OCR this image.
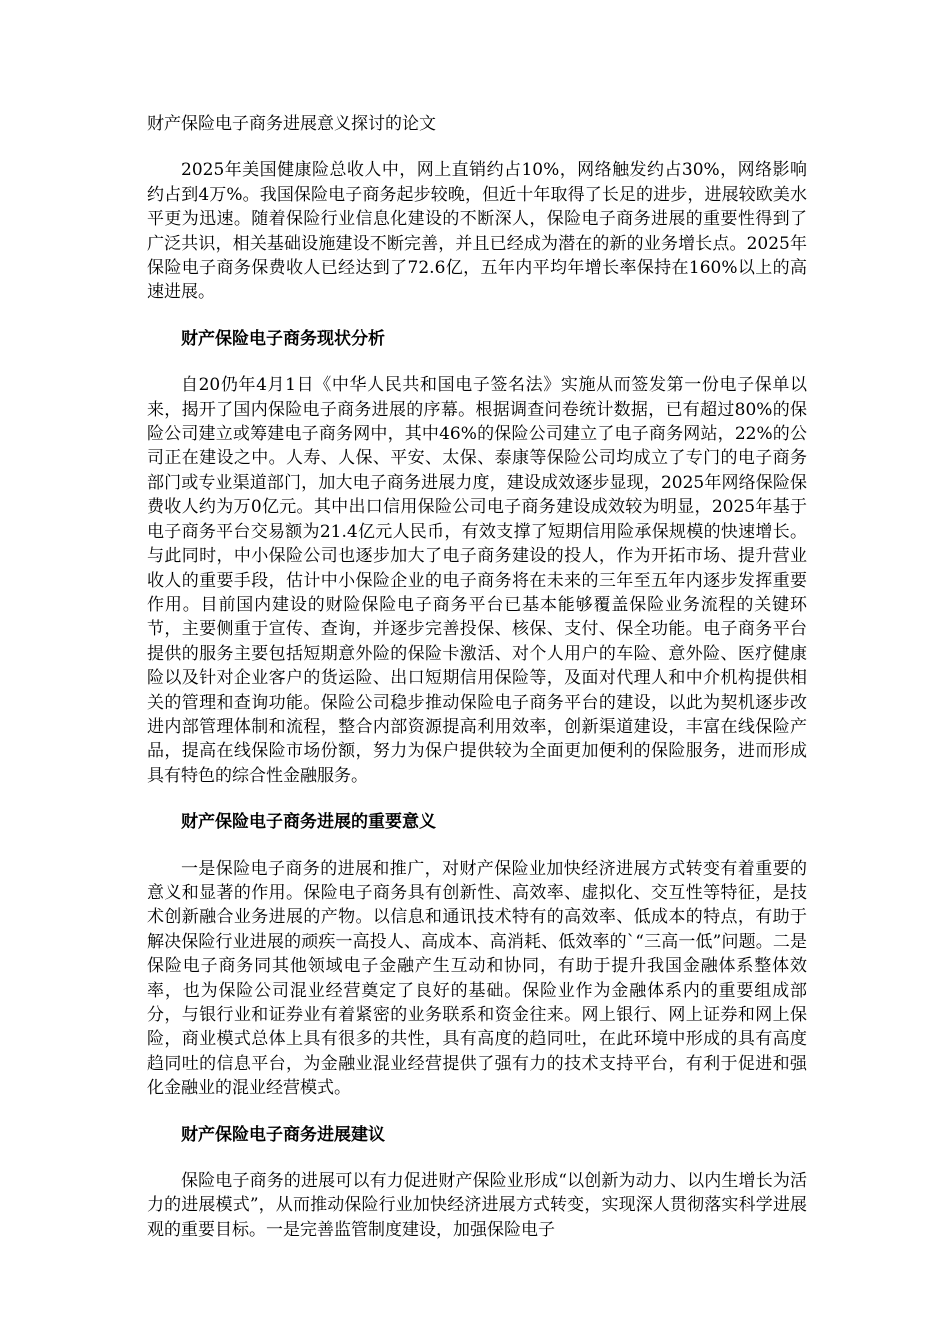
财产保险电子商务进展意义探讨的论文

2025年美国健康险总收人中，网上直销约占10%，网络触发约占30%，网络影响约占到4万%。我国保险电子商务起步较晚，但近十年取得了长足的进步，进展较欧美水平更为迅速。随着保险行业信息化建设的不断深人，保险电子商务进展的重要性得到了广泛共识，相关基础设施建设不断完善，并且已经成为潜在的新的业务增长点。2025年保险电子商务保费收人已经达到了72.6亿，五年内平均年增长率保持在160%以上的高速进展。

财产保险电子商务现状分析

自20仍年4月1日《中华人民共和国电子签名法》实施从而签发第一份电子保单以来，揭开了国内保险电子商务进展的序幕。根据调查问卷统计数据，已有超过80%的保险公司建立或筹建电子商务网中，其中46%的保险公司建立了电子商务网站，22%的公司正在建设之中。人寿、人保、平安、太保、泰康等保险公司均成立了专门的电子商务部门或专业渠道部门，加大电子商务进展力度，建设成效逐步显现，2025年网络保险保费收人约为万0亿元。其中出口信用保险公司电子商务建设成效较为明显，2025年基于电子商务平台交易额为21.4亿元人民币，有效支撑了短期信用险承保规模的快速增长。与此同时，中小保险公司也逐步加大了电子商务建设的投人，作为开拓市场、提升营业收人的重要手段，估计中小保险企业的电子商务将在未来的三年至五年内逐步发挥重要作用。目前国内建设的财险保险电子商务平台已基本能够覆盖保险业务流程的关键环节，主要侧重于宣传、查询，并逐步完善投保、核保、支付、保全功能。电子商务平台提供的服务主要包括短期意外险的保险卡激活、对个人用户的车险、意外险、医疗健康险以及针对企业客户的货运险、出口短期信用保险等，及面对代理人和中介机构提供相关的管理和查询功能。保险公司稳步推动保险电子商务平台的建设，以此为契机逐步改进内部管理体制和流程，整合内部资源提高利用效率，创新渠道建设，丰富在线保险产品，提高在线保险市场份额，努力为保户提供较为全面更加便利的保险服务，进而形成具有特色的综合性金融服务。

财产保险电子商务进展的重要意义

一是保险电子商务的进展和推广，对财产保险业加快经济进展方式转变有着重要的意义和显著的作用。保险电子商务具有创新性、高效率、虚拟化、交互性等特征，是技术创新融合业务进展的产物。以信息和通讯技术特有的高效率、低成本的特点，有助于解决保险行业进展的顽疾一高投人、高成本、高消耗、低效率的`“三高一低”问题。二是保险电子商务同其他领域电子金融产生互动和协同，有助于提升我国金融体系整体效率，也为保险公司混业经营奠定了良好的基础。保险业作为金融体系内的重要组成部分，与银行业和证券业有着紧密的业务联系和资金往来。网上银行、网上证券和网上保险，商业模式总体上具有很多的共性，具有高度的趋同吐，在此环境中形成的具有高度趋同吐的信息平台，为金融业混业经营提供了强有力的技术支持平台，有利于促进和强化金融业的混业经营模式。

财产保险电子商务进展建议

保险电子商务的进展可以有力促进财产保险业形成“以创新为动力、以内生增长为活力的进展模式”，从而推动保险行业加快经济进展方式转变，实现深人贯彻落实科学进展观的重要目标。一是完善监管制度建设，加强保险电子
